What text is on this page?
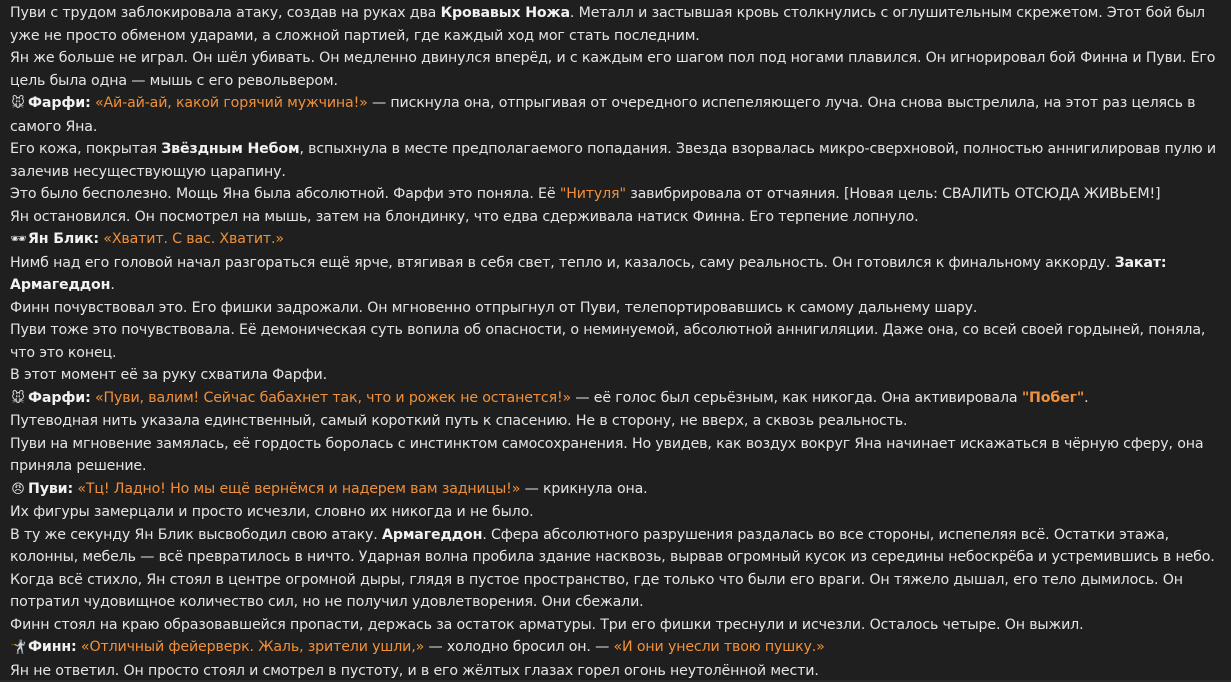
Пуви с трудом заблокировала атаку, создав на руках два Кровавых Ножа. Металл и застывшая кровь столкнулись с оглушительным скрежетом. Этот бой был уже не просто обменом ударами, а сложной партией, где каждый ход мог стать последним.
Ян же больше не играл. Он шёл убивать. Он медленно двинулся вперёд, и с каждым его шагом пол под ногами плавился. Он игнорировал бой Финна и Пуви. Его цель была одна — мышь с его револьвером.
🐭 Фарфи: «Ай-ай-ай, какой горячий мужчина!» — пискнула она, отпрыгивая от очередного испепеляющего луча. Она снова выстрелила, на этот раз целясь в самого Яна.
Его кожа, покрытая Звёздным Небом, вспыхнула в месте предполагаемого попадания. Звезда взорвалась микро-сверхновой, полностью аннигилировав пулю и залечив несуществующую царапину.
Это было бесполезно. Мощь Яна была абсолютной. Фарфи это поняла. Её "Нитуля" завибрировала от отчаяния. [Новая цель: СВАЛИТЬ ОТСЮДА ЖИВЬЕМ!]
Ян остановился. Он посмотрел на мышь, затем на блондинку, что едва сдерживала натиск Финна. Его терпение лопнуло.
🕶 Ян Блик: «Хватит. С вас. Хватит.»
Нимб над его головой начал разгораться ещё ярче, втягивая в себя свет, тепло и, казалось, саму реальность. Он готовился к финальному аккорду. Закат: Армагеддон.
Финн почувствовал это. Его фишки задрожали. Он мгновенно отпрыгнул от Пуви, телепортировавшись к самому дальнему шару.
Пуви тоже это почувствовала. Её демоническая суть вопила об опасности, о неминуемой, абсолютной аннигиляции. Даже она, со всей своей гордыней, поняла, что это конец.
В этот момент её за руку схватила Фарфи.
🐭 Фарфи: «Пуви, валим! Сейчас бабахнет так, что и рожек не останется!» — её голос был серьёзным, как никогда. Она активировала "Побег".
Путеводная нить указала единственный, самый короткий путь к спасению. Не в сторону, не вверх, а сквозь реальность.
Пуви на мгновение замялась, её гордость боролась с инстинктом самосохранения. Но увидев, как воздух вокруг Яна начинает искажаться в чёрную сферу, она приняла решение.
😠 Пуви: «Тц! Ладно! Но мы ещё вернёмся и надерем вам задницы!» — крикнула она.
Их фигуры замерцали и просто исчезли, словно их никогда и не было.
В ту же секунду Ян Блик высвободил свою атаку. Армагеддон. Сфера абсолютного разрушения раздалась во все стороны, испепеляя всё. Остатки этажа, колонны, мебель — всё превратилось в ничто. Ударная волна пробила здание насквозь, вырвав огромный кусок из середины небоскрёба и устремившись в небо.
Когда всё стихло, Ян стоял в центре огромной дыры, глядя в пустое пространство, где только что были его враги. Он тяжело дышал, его тело дымилось. Он потратил чудовищное количество сил, но не получил удовлетворения. Они сбежали.
Финн стоял на краю образовавшейся пропасти, держась за остаток арматуры. Три его фишки треснули и исчезли. Осталось четыре. Он выжил.
🤺 Финн: «Отличный фейерверк. Жаль, зрители ушли,» — холодно бросил он. — «И они унесли твою пушку.»
Ян не ответил. Он просто стоял и смотрел в пустоту, и в его жёлтых глазах горел огонь неутолённой мести.
